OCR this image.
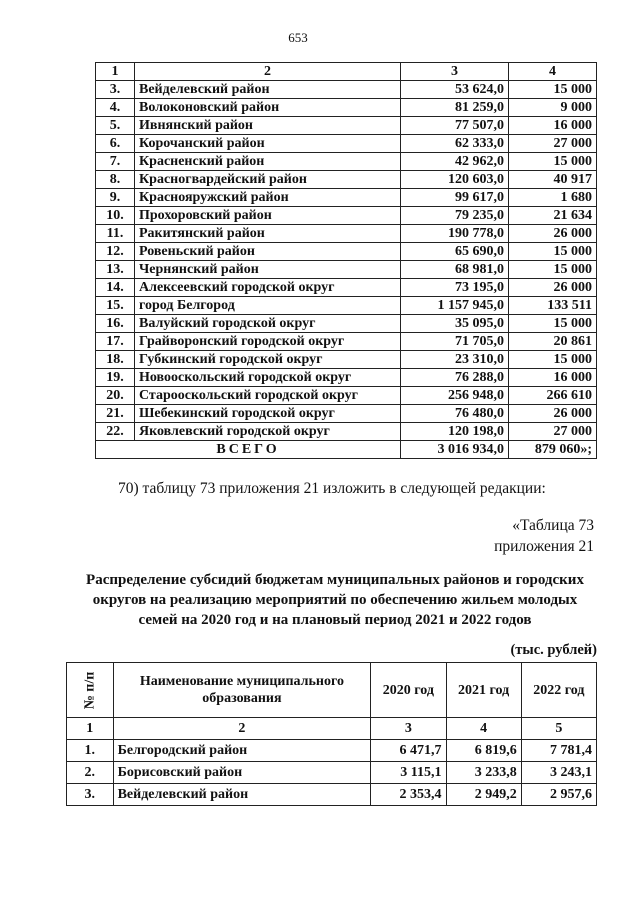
653
1	2	3	4
3.	Вейделевский район	53 624,0	15 000
4.	Волоконовский район	81 259,0	9 000
5.	Ивнянский район	77 507,0	16 000
6.	Корочанский район	62 333,0	27 000
7.	Красненский район	42 962,0	15 000
8.	Красногвардейский район	120 603,0	40 917
9.	Краснояружский район	99 617,0	1 680
10.	Прохоровский район	79 235,0	21 634
11.	Ракитянский район	190 778,0	26 000
12.	Ровеньский район	65 690,0	15 000
13.	Чернянский район	68 981,0	15 000
14.	Алексеевский городской округ	73 195,0	26 000
15.	город Белгород	1 157 945,0	133 511
16.	Валуйский городской округ	35 095,0	15 000
17.	Грайворонский городской округ	71 705,0	20 861
18.	Губкинский городской округ	23 310,0	15 000
19.	Новооскольский городской округ	76 288,0	16 000
20.	Старооскольский городской округ	256 948,0	266 610
21.	Шебекинский городской округ	76 480,0	26 000
22.	Яковлевский городской округ	120 198,0	27 000
ВСЕГО		3 016 934,0	879 060»;
70) таблицу 73 приложения 21 изложить в следующей редакции:
«Таблица 73
приложения 21
Распределение субсидий бюджетам муниципальных районов и городских
округов на реализацию мероприятий по обеспечению жильем молодых
семей на 2020 год и на плановый период 2021 и 2022 годов
(тыс. рублей)
№ п/п	Наименование муниципального образования	2020 год	2021 год	2022 год
1	2	3	4	5
1.	Белгородский район	6 471,7	6 819,6	7 781,4
2.	Борисовский район	3 115,1	3 233,8	3 243,1
3.	Вейделевский район	2 353,4	2 949,2	2 957,6
